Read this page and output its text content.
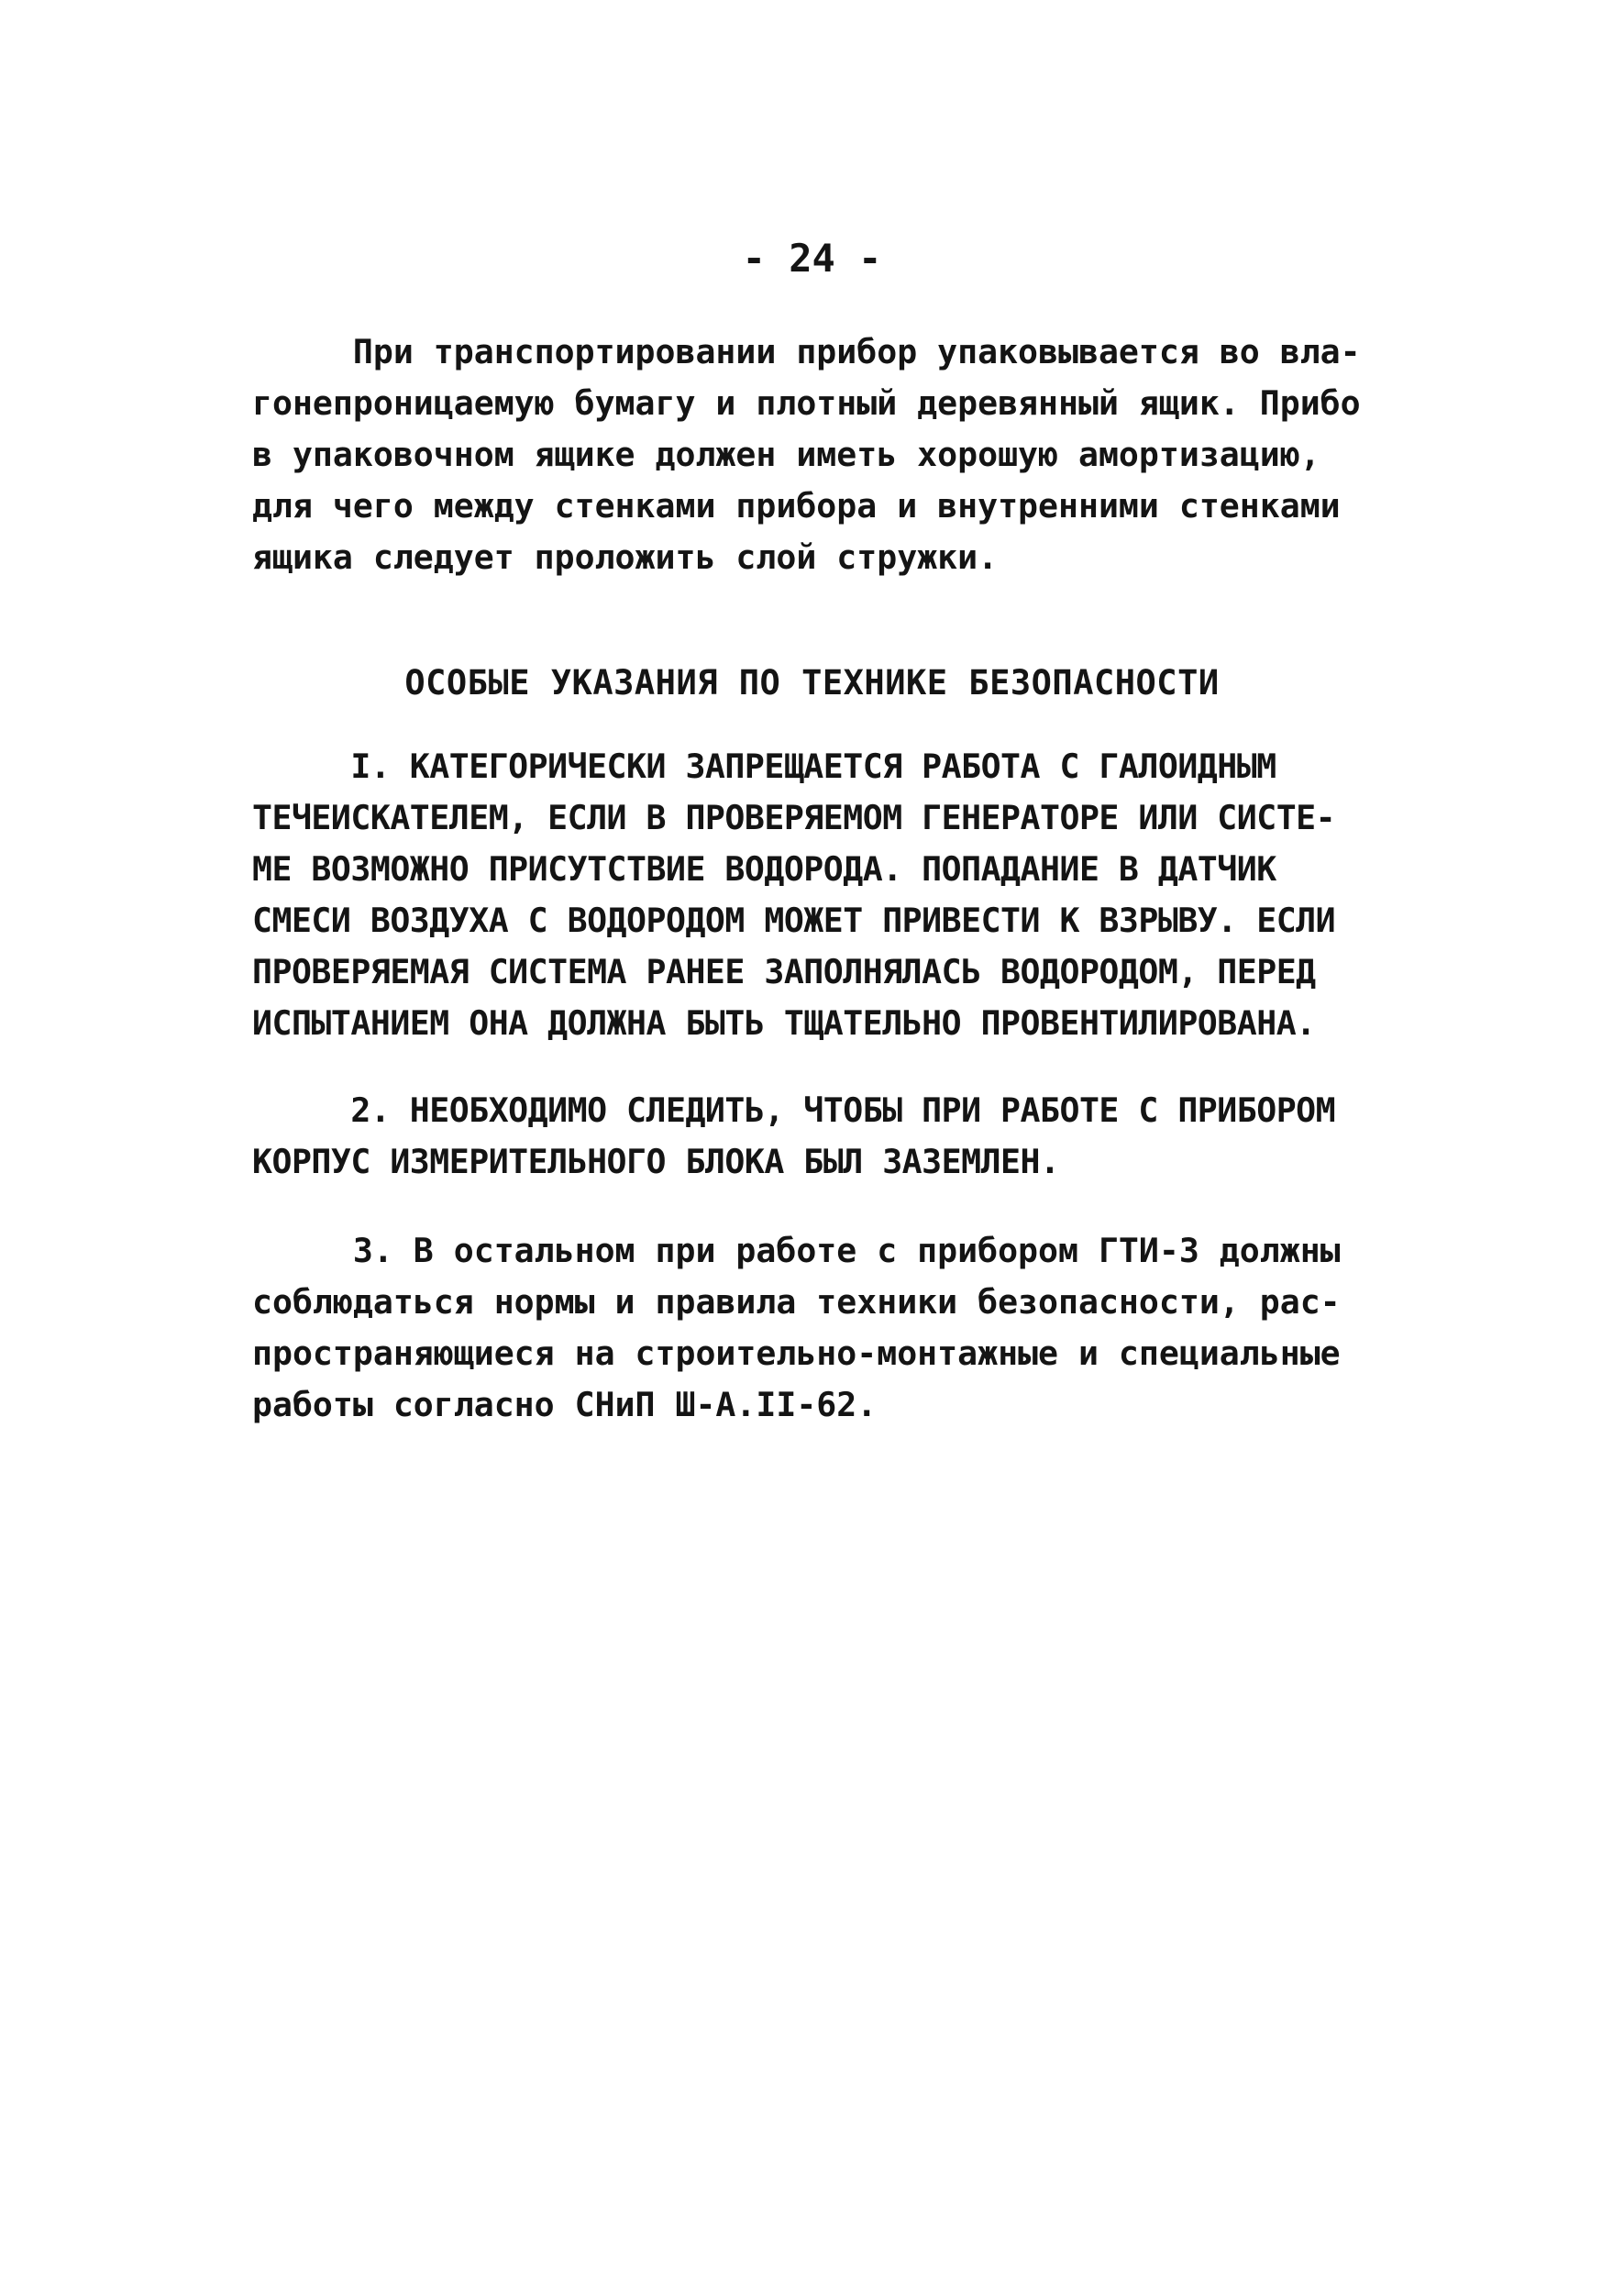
- 24 -
При транспортировании прибор упаковывается во вла-
гонепроницаемую бумагу и плотный деревянный ящик. Прибо
в упаковочном ящике должен иметь хорошую амортизацию,
для чего между стенками прибора и внутренними стенками
ящика следует проложить слой стружки.
ОСОБЫЕ УКАЗАНИЯ ПО ТЕХНИКЕ БЕЗОПАСНОСТИ
I. КАТЕГОРИЧЕСКИ ЗАПРЕЩАЕТСЯ РАБОТА С ГАЛОИДНЫМ
ТЕЧЕИСКАТЕЛЕМ, ЕСЛИ В ПРОВЕРЯЕМОМ ГЕНЕРАТОРЕ ИЛИ СИСТЕ-
МЕ ВОЗМОЖНО ПРИСУТСТВИЕ ВОДОРОДА. ПОПАДАНИЕ В ДАТЧИК
СМЕСИ ВОЗДУХА С ВОДОРОДОМ МОЖЕТ ПРИВЕСТИ К ВЗРЫВУ. ЕСЛИ
ПРОВЕРЯЕМАЯ СИСТЕМА РАНЕЕ ЗАПОЛНЯЛАСЬ ВОДОРОДОМ, ПЕРЕД
ИСПЫТАНИЕМ ОНА ДОЛЖНА БЫТЬ ТЩАТЕЛЬНО ПРОВЕНТИЛИРОВАНА.
2. НЕОБХОДИМО СЛЕДИТЬ, ЧТОБЫ ПРИ РАБОТЕ С ПРИБОРОМ
КОРПУС ИЗМЕРИТЕЛЬНОГО БЛОКА БЫЛ ЗАЗЕМЛЕН.
3. В остальном при работе с прибором ГТИ-3 должны
соблюдаться нормы и правила техники безопасности, рас-
пространяющиеся на строительно-монтажные и специальные
работы согласно СНиП Ш-А.II-62.
